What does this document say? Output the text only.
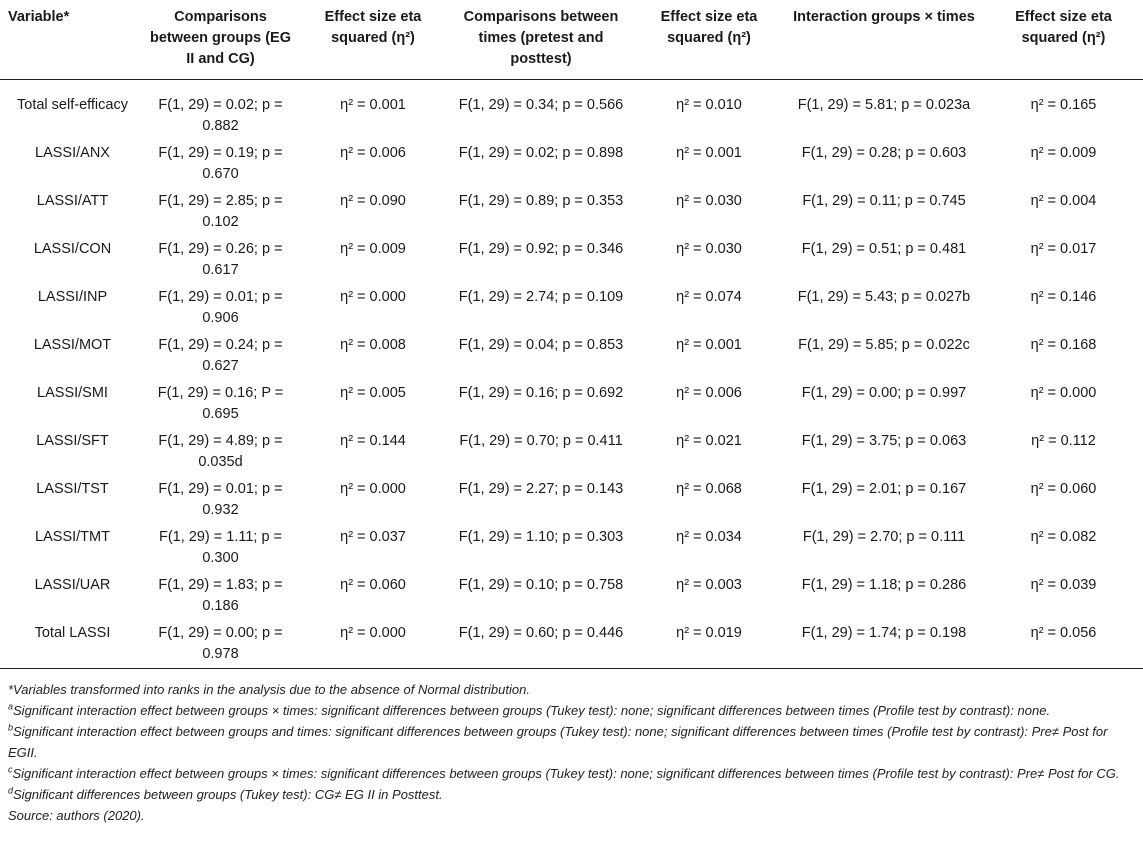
Variable*	Comparisons between groups (EG II and CG)	Effect size eta squared (η²)	Comparisons between times (pretest and posttest)	Effect size eta squared (η²)	Interaction groups × times	Effect size eta squared (η²)
Total self-efficacy	F(1, 29) = 0.02; p = 0.882	η² = 0.001	F(1, 29) = 0.34; p = 0.566	η² = 0.010	F(1, 29) = 5.81; p = 0.023a	η² = 0.165
LASSI/ANX	F(1, 29) = 0.19; p = 0.670	η² = 0.006	F(1, 29) = 0.02; p = 0.898	η² = 0.001	F(1, 29) = 0.28; p = 0.603	η² = 0.009
LASSI/ATT	F(1, 29) = 2.85; p = 0.102	η² = 0.090	F(1, 29) = 0.89; p = 0.353	η² = 0.030	F(1, 29) = 0.11; p = 0.745	η² = 0.004
LASSI/CON	F(1, 29) = 0.26; p = 0.617	η² = 0.009	F(1, 29) = 0.92; p = 0.346	η² = 0.030	F(1, 29) = 0.51; p = 0.481	η² = 0.017
LASSI/INP	F(1, 29) = 0.01; p = 0.906	η² = 0.000	F(1, 29) = 2.74; p = 0.109	η² = 0.074	F(1, 29) = 5.43; p = 0.027b	η² = 0.146
LASSI/MOT	F(1, 29) = 0.24; p = 0.627	η² = 0.008	F(1, 29) = 0.04; p = 0.853	η² = 0.001	F(1, 29) = 5.85; p = 0.022c	η² = 0.168
LASSI/SMI	F(1, 29) = 0.16; P = 0.695	η² = 0.005	F(1, 29) = 0.16; p = 0.692	η² = 0.006	F(1, 29) = 0.00; p = 0.997	η² = 0.000
LASSI/SFT	F(1, 29) = 4.89; p = 0.035d	η² = 0.144	F(1, 29) = 0.70; p = 0.411	η² = 0.021	F(1, 29) = 3.75; p = 0.063	η² = 0.112
LASSI/TST	F(1, 29) = 0.01; p = 0.932	η² = 0.000	F(1, 29) = 2.27; p = 0.143	η² = 0.068	F(1, 29) = 2.01; p = 0.167	η² = 0.060
LASSI/TMT	F(1, 29) = 1.11; p = 0.300	η² = 0.037	F(1, 29) = 1.10; p = 0.303	η² = 0.034	F(1, 29) = 2.70; p = 0.111	η² = 0.082
LASSI/UAR	F(1, 29) = 1.83; p = 0.186	η² = 0.060	F(1, 29) = 0.10; p = 0.758	η² = 0.003	F(1, 29) = 1.18; p = 0.286	η² = 0.039
Total LASSI	F(1, 29) = 0.00; p = 0.978	η² = 0.000	F(1, 29) = 0.60; p = 0.446	η² = 0.019	F(1, 29) = 1.74; p = 0.198	η² = 0.056
*Variables transformed into ranks in the analysis due to the absence of Normal distribution.
$^a$Significant interaction effect between groups × times: significant differences between groups (Tukey test): none; significant differences between times (Profile test by contrast): none.
$^b$Significant interaction effect between groups and times: significant differences between groups (Tukey test): none; significant differences between times (Profile test by contrast): Pre≠ Post for EGII.
$^c$Significant interaction effect between groups × times: significant differences between groups (Tukey test): none; significant differences between times (Profile test by contrast): Pre≠ Post for CG.
$^d$Significant differences between groups (Tukey test): CG≠ EG II in Posttest.
Source: authors (2020).
